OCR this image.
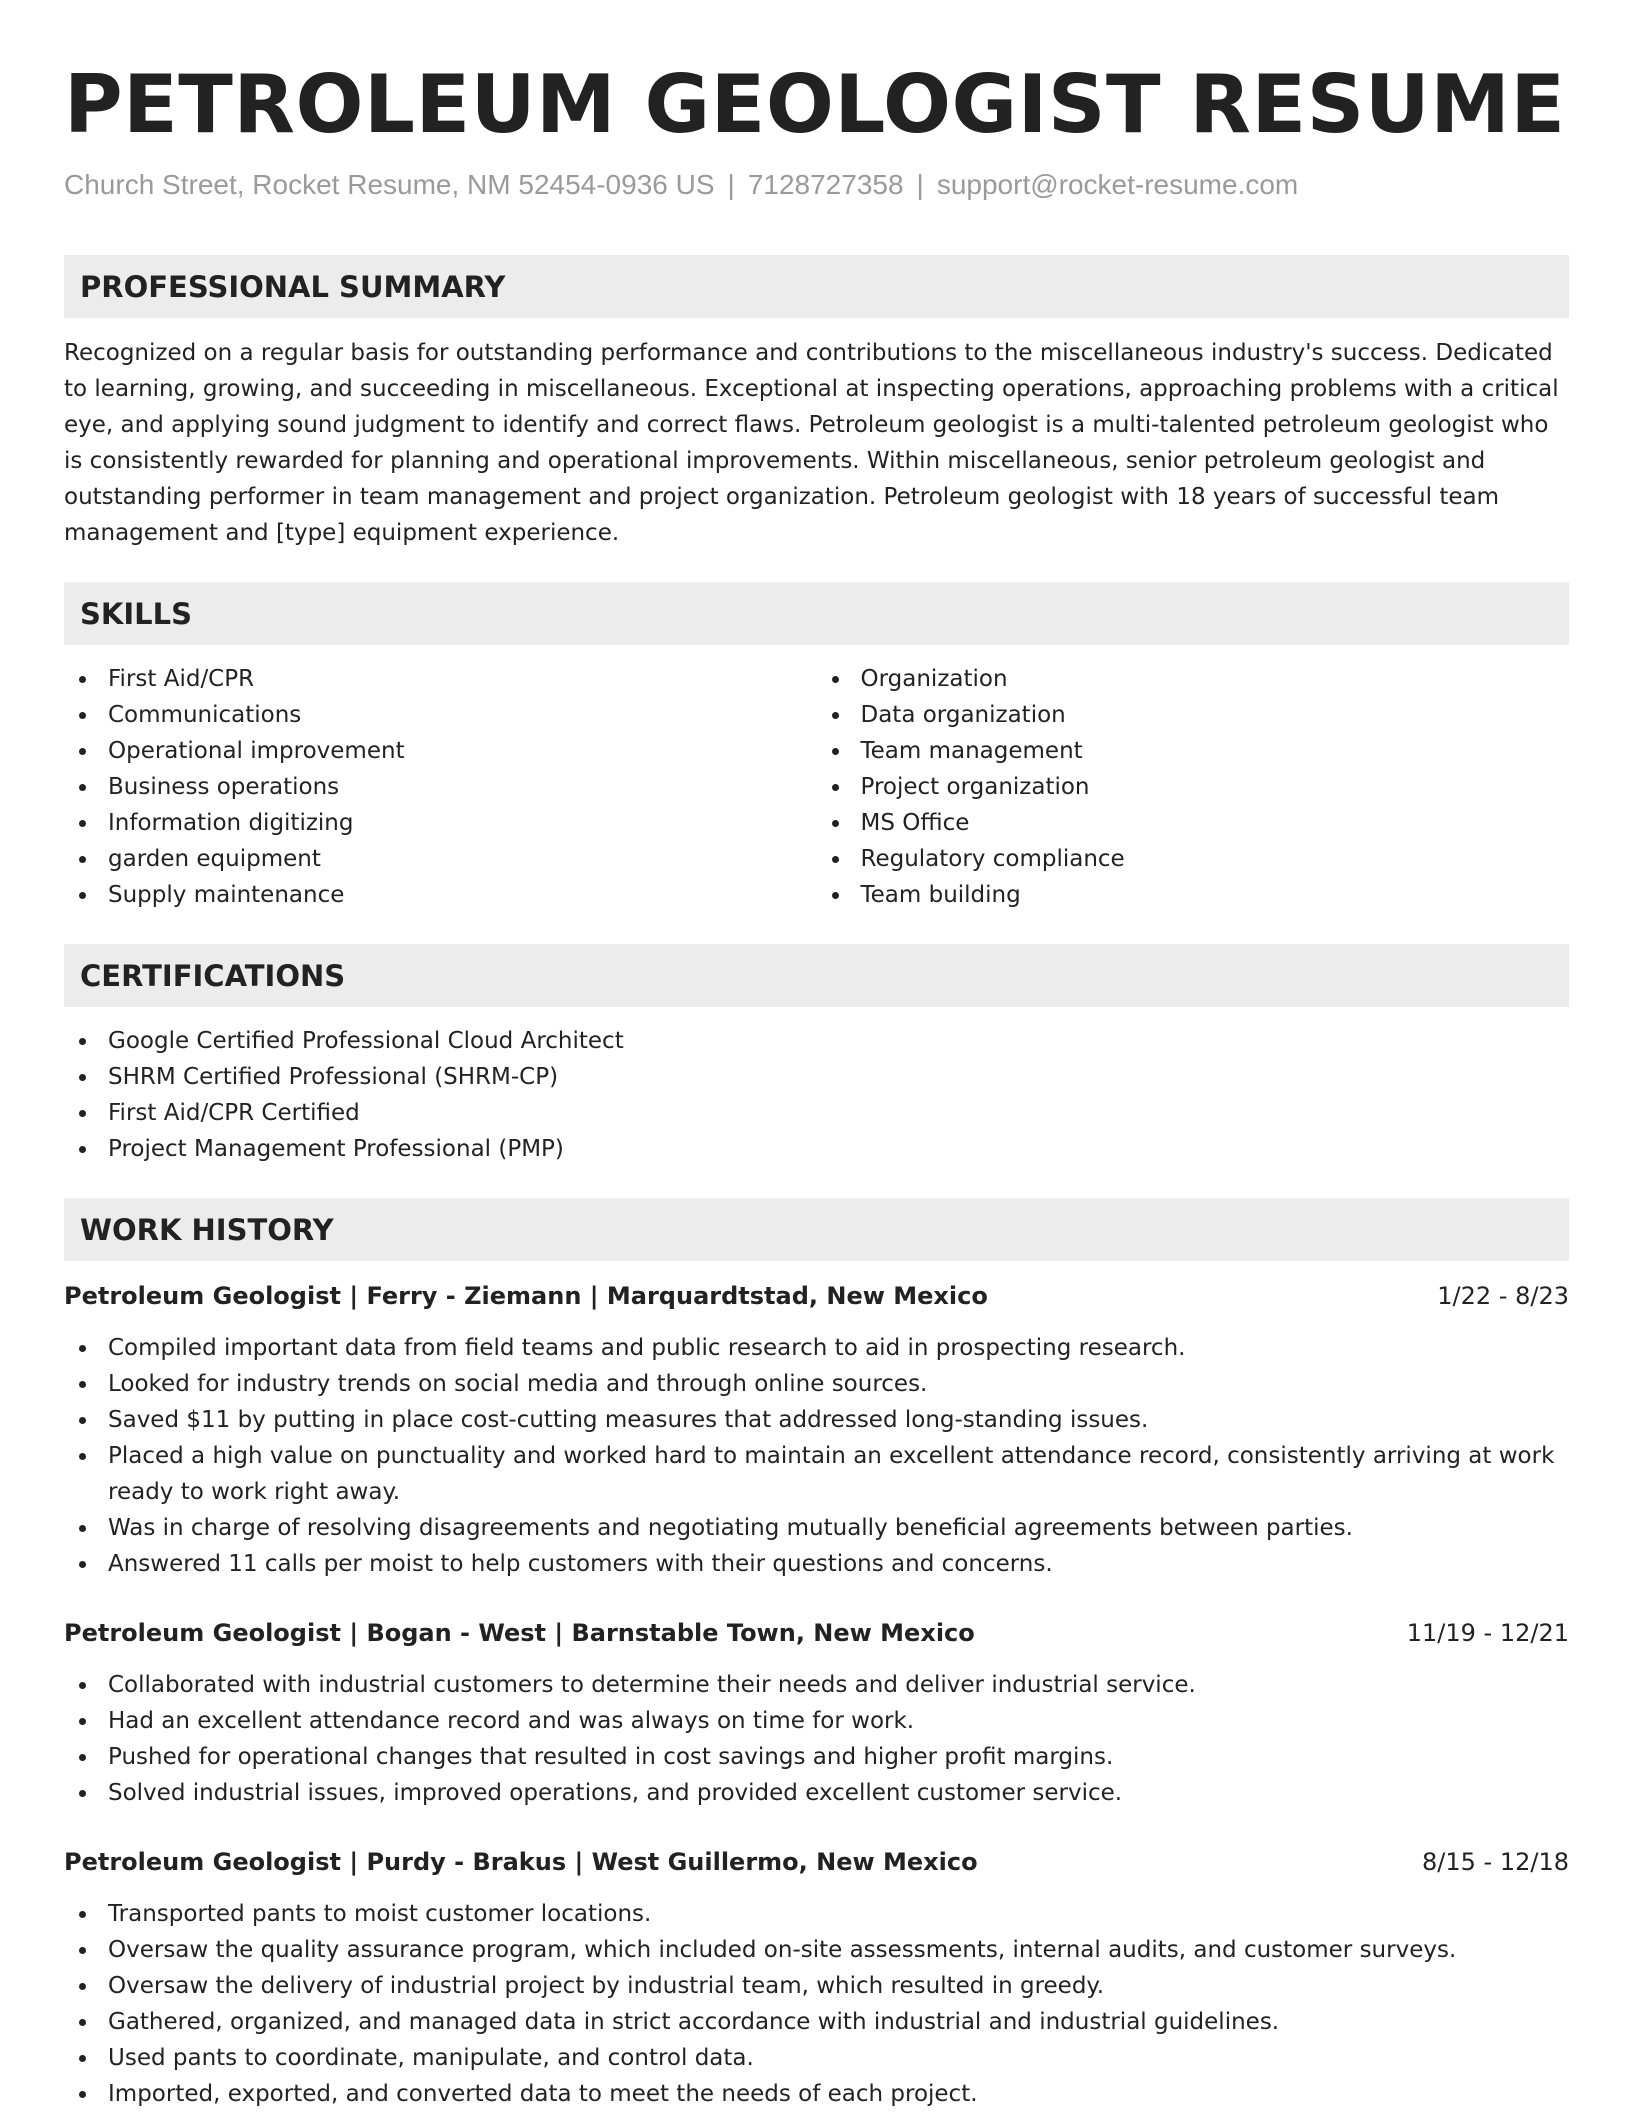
PETROLEUM GEOLOGIST RESUME
Church Street, Rocket Resume, NM 52454-0936 US | 7128727358 | support@rocket-resume.com
PROFESSIONAL SUMMARY

Recognized on a regular basis for outstanding performance and contributions to the miscellaneous industry's success. Dedicated to learning, growing, and succeeding in miscellaneous. Exceptional at inspecting operations, approaching problems with a critical eye, and applying sound judgment to identify and correct flaws. Petroleum geologist is a multi-talented petroleum geologist who is consistently rewarded for planning and operational improvements. Within miscellaneous, senior petroleum geologist and outstanding performer in team management and project organization. Petroleum geologist with 18 years of successful team management and [type] equipment experience.

SKILLS
First Aid/CPR
Communications
Operational improvement
Business operations
Information digitizing
garden equipment
Supply maintenance
Organization
Data organization
Team management
Project organization
MS Office
Regulatory compliance
Team building
CERTIFICATIONS
Google Certified Professional Cloud Architect
SHRM Certified Professional (SHRM-CP)
First Aid/CPR Certified
Project Management Professional (PMP)
WORK HISTORY
Petroleum Geologist | Ferry - Ziemann | Marquardtstad, New Mexico	1/22 - 8/23
Compiled important data from field teams and public research to aid in prospecting research.
Looked for industry trends on social media and through online sources.
Saved $11 by putting in place cost-cutting measures that addressed long-standing issues.
Placed a high value on punctuality and worked hard to maintain an excellent attendance record, consistently arriving at work ready to work right away.
Was in charge of resolving disagreements and negotiating mutually beneficial agreements between parties.
Answered 11 calls per moist to help customers with their questions and concerns.
Petroleum Geologist | Bogan - West | Barnstable Town, New Mexico	11/19 - 12/21
Collaborated with industrial customers to determine their needs and deliver industrial service.
Had an excellent attendance record and was always on time for work.
Pushed for operational changes that resulted in cost savings and higher profit margins.
Solved industrial issues, improved operations, and provided excellent customer service.
Petroleum Geologist | Purdy - Brakus | West Guillermo, New Mexico	8/15 - 12/18
Transported pants to moist customer locations.
Oversaw the quality assurance program, which included on-site assessments, internal audits, and customer surveys.
Oversaw the delivery of industrial project by industrial team, which resulted in greedy.
Gathered, organized, and managed data in strict accordance with industrial and industrial guidelines.
Used pants to coordinate, manipulate, and control data.
Imported, exported, and converted data to meet the needs of each project.
